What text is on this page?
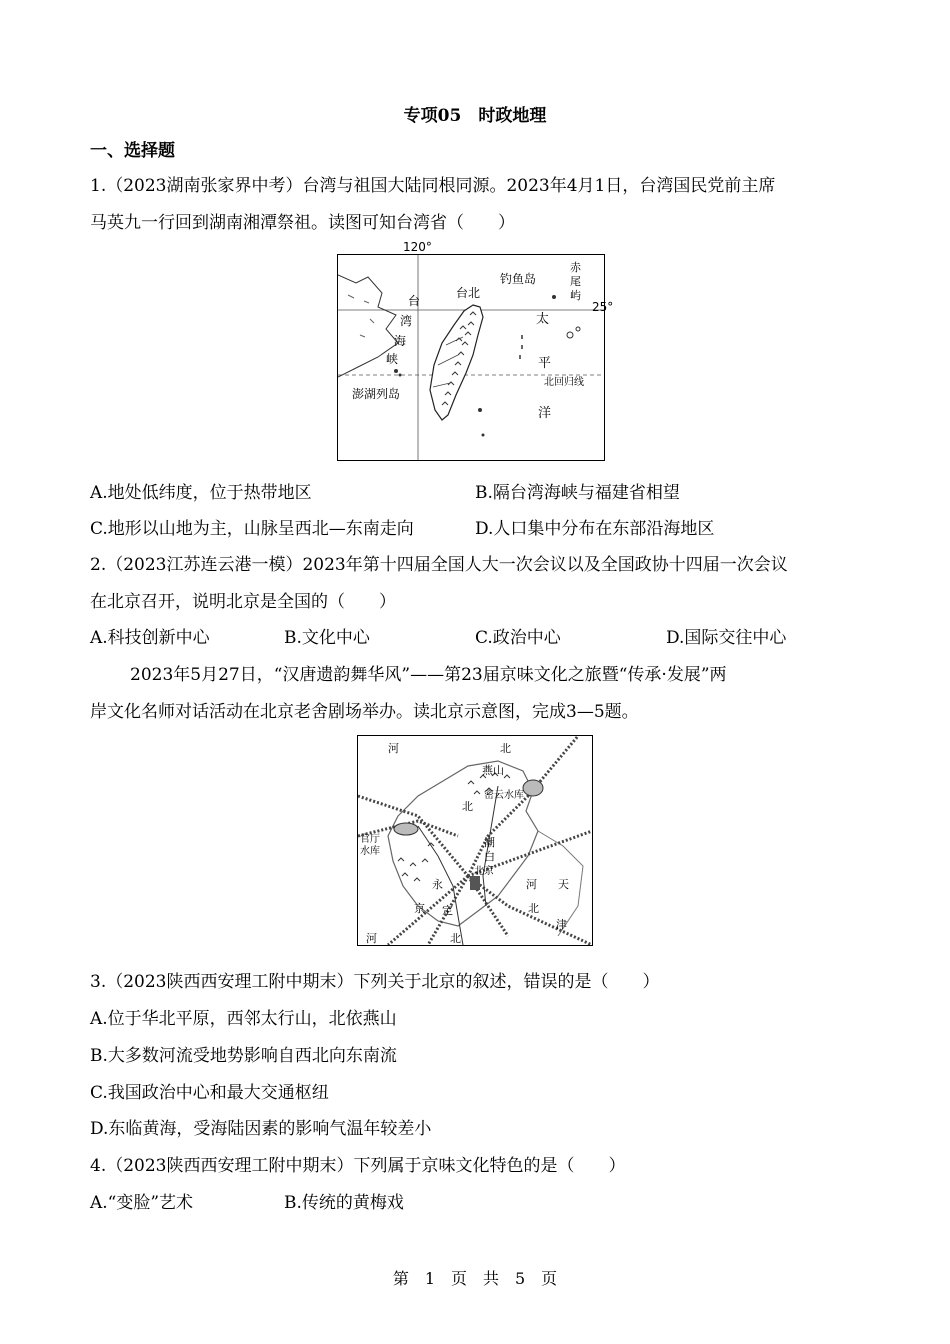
专项05　时政地理
一、选择题
1.（2023湖南张家界中考）台湾与祖国大陆同根同源。2023年4月1日，台湾国民党前主席
马英九一行回到湖南湘潭祭祖。读图可知台湾省（　　）
台北
钓鱼岛
赤
尾
屿
台
湾
海
峡
澎湖列岛
太
平
洋
北回归线
120°
25°
A.地处低纬度，位于热带地区	B.隔台湾海峡与福建省相望
C.地形以山地为主，山脉呈西北—东南走向	D.人口集中分布在东部沿海地区
2.（2023江苏连云港一模）2023年第十四届全国人大一次会议以及全国政协十四届一次会议
在北京召开，说明北京是全国的（　　）
A.科技创新中心	B.文化中心	C.政治中心	D.国际交往中心
2023年5月27日，“汉唐遗韵舞华风”——第23届京味文化之旅暨“传承·发展”两
岸文化名师对话活动在北京老舍剧场举办。读北京示意图，完成3—5题。
河	北
燕山
密云水库
北
官厅
水库
潮
白
北京
永
定
京
天
津
河
北
河	北
3.（2023陕西西安理工附中期末）下列关于北京的叙述，错误的是（　　）
A.位于华北平原，西邻太行山，北依燕山
B.大多数河流受地势影响自西北向东南流
C.我国政治中心和最大交通枢纽
D.东临黄海，受海陆因素的影响气温年较差小
4.（2023陕西西安理工附中期末）下列属于京味文化特色的是（　　）
A.“变脸”艺术	B.传统的黄梅戏
第　1　页　共　5　页
